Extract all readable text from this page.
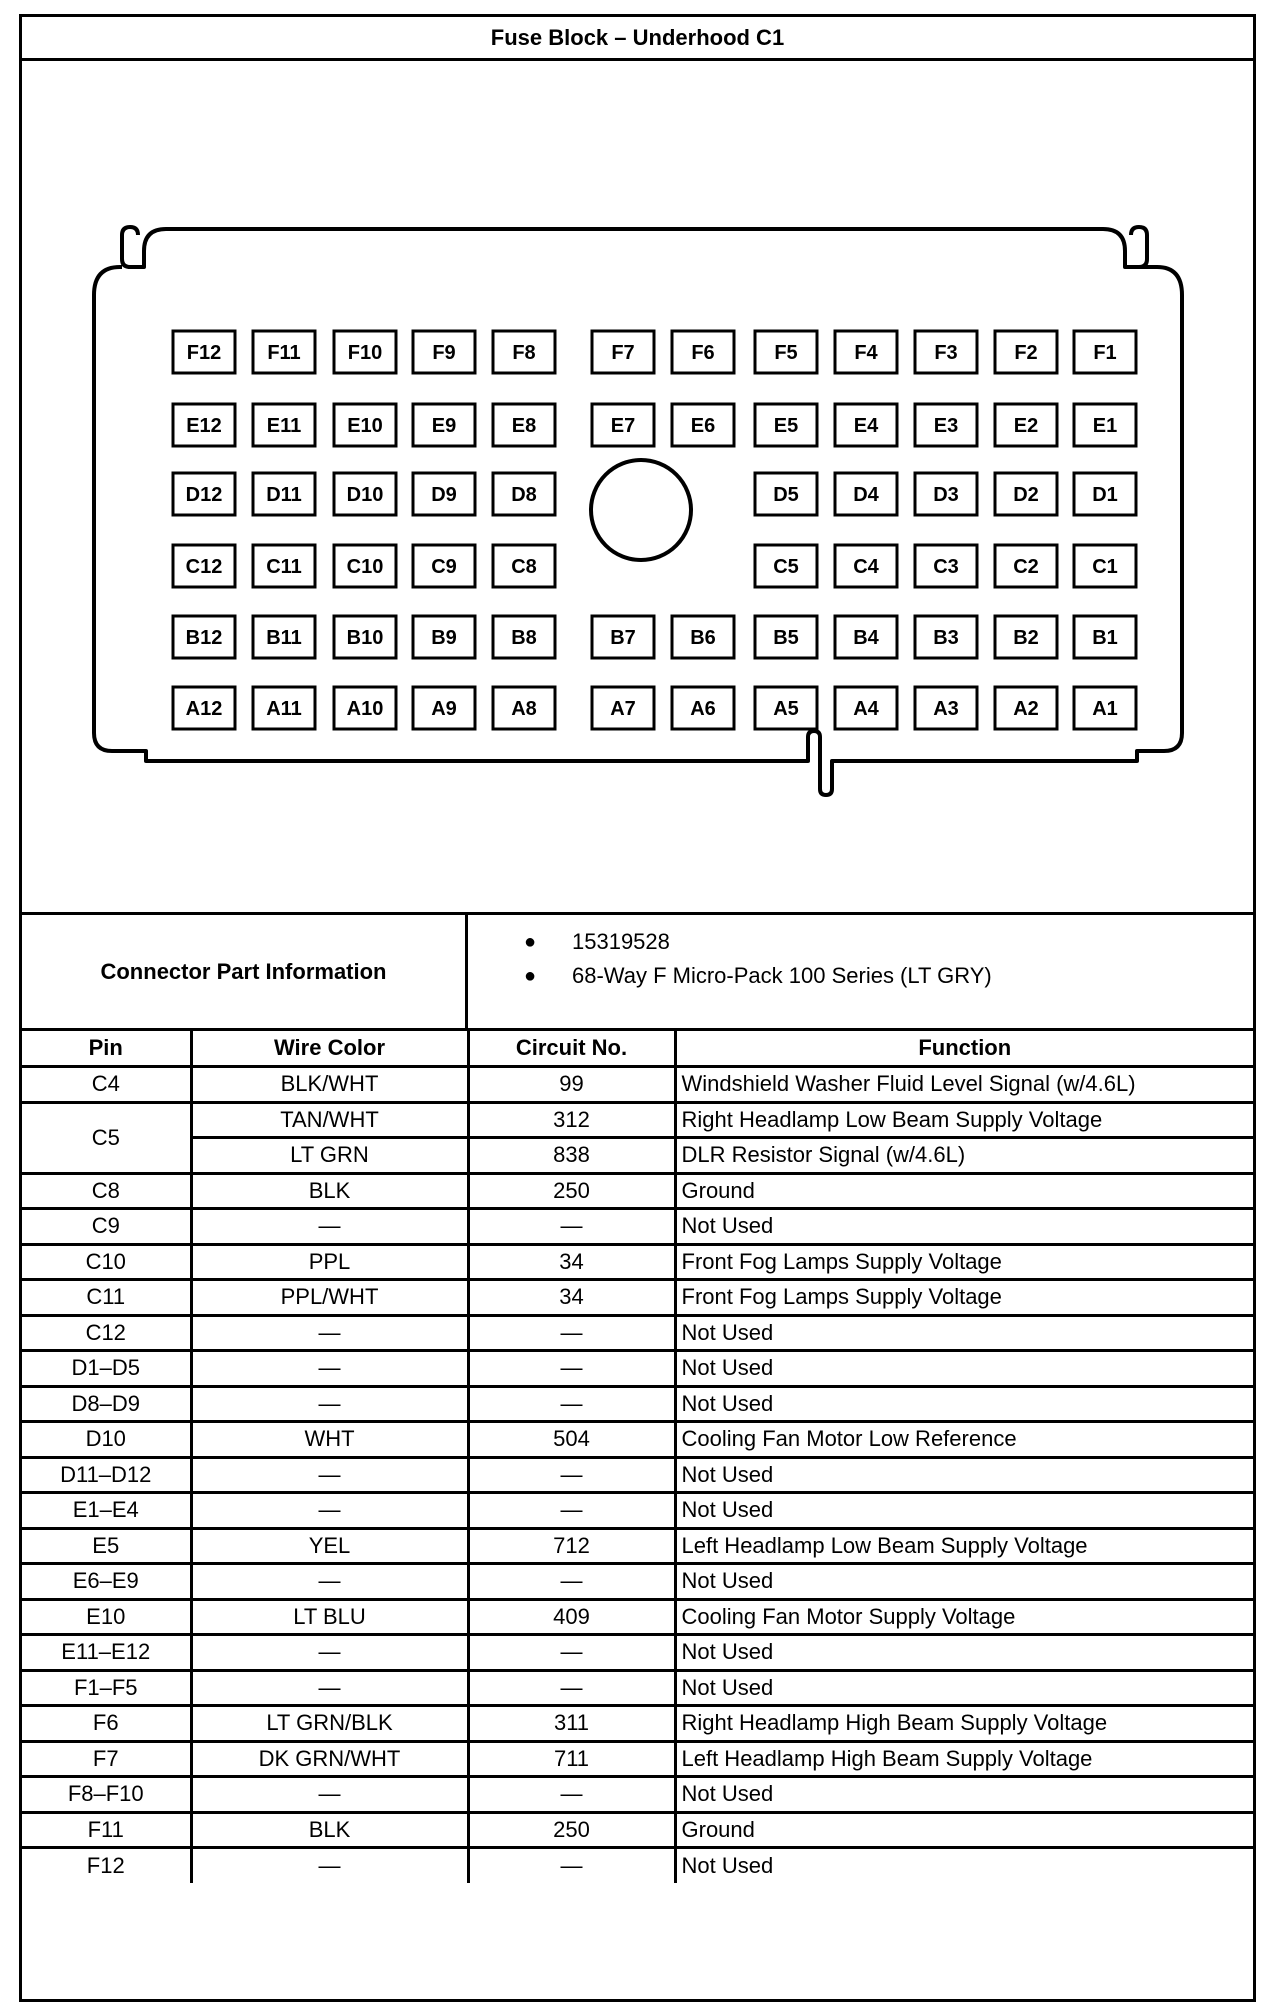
Fuse Block – Underhood C1
F12 F11 F10	F9	F8	F7	F6	F5	F4	F3	F2	F1
E12 E11 E10 E9	E8	E7	E6	E5	E4	E3	E2	E1
D12 D11 D10 D9	D8	D5	D4	D3	D2	D1
C12 C11 C10 C9	C8	C5	C4	C3	C2	C1
B12 B11 B10 B9	B8	B7	B6	B5	B4	B3	B2	B1
A12 A11 A10 A9	A8	A7	A6	A5	A4	A3	A2	A1
Connector Part Information
●	15319528
●	68-Way F Micro-Pack 100 Series (LT GRY)
Pin	Wire Color	Circuit No.	Function
C4	BLK/WHT	99	Windshield Washer Fluid Level Signal (w/4.6L)
C5	TAN/WHT	312	Right Headlamp Low Beam Supply Voltage
	LT GRN	838	DLR Resistor Signal (w/4.6L)
C8	BLK	250	Ground
C9	—	—	Not Used
C10	PPL	34	Front Fog Lamps Supply Voltage
C11	PPL/WHT	34	Front Fog Lamps Supply Voltage
C12	—	—	Not Used
D1–D5	—	—	Not Used
D8–D9	—	—	Not Used
D10	WHT	504	Cooling Fan Motor Low Reference
D11–D12	—	—	Not Used
E1–E4	—	—	Not Used
E5	YEL	712	Left Headlamp Low Beam Supply Voltage
E6–E9	—	—	Not Used
E10	LT BLU	409	Cooling Fan Motor Supply Voltage
E11–E12	—	—	Not Used
F1–F5	—	—	Not Used
F6	LT GRN/BLK	311	Right Headlamp High Beam Supply Voltage
F7	DK GRN/WHT	711	Left Headlamp High Beam Supply Voltage
F8–F10	—	—	Not Used
F11	BLK	250	Ground
F12	—	—	Not Used
